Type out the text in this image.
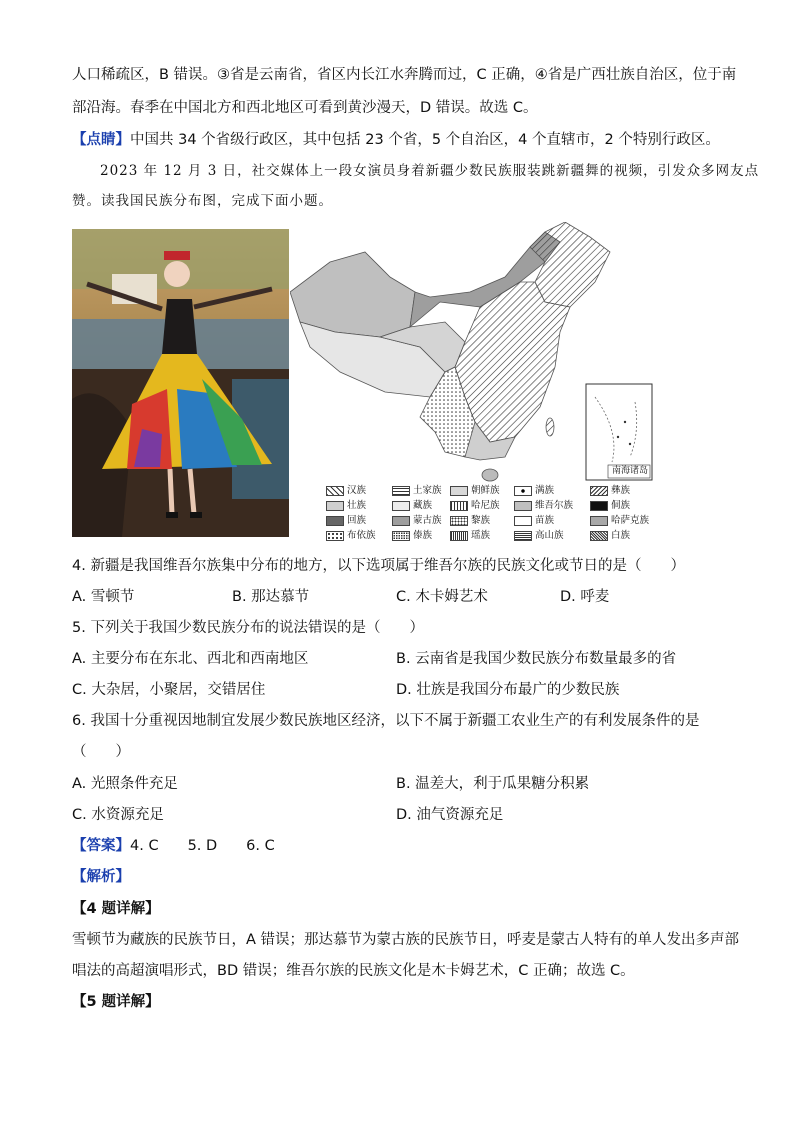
人口稀疏区，B 错误。③省是云南省，省区内长江水奔腾而过，C 正确，④省是广西壮族自治区，位于南
部沿海。春季在中国北方和西北地区可看到黄沙漫天，D 错误。故选 C。
【点睛】中国共 34 个省级行政区，其中包括 23 个省，5 个自治区，4 个直辖市，2 个特别行政区。
2023 年 12 月 3 日，社交媒体上一段女演员身着新疆少数民族服装跳新疆舞的视频，引发众多网友点
赞。读我国民族分布图，完成下面小题。
南海诸岛
汉族	土家族	朝鲜族	满族	彝族
壮族	藏族	哈尼族	维吾尔族	侗族
回族	蒙古族	黎族	苗族	哈萨克族
布依族	傣族	瑶族	高山族	白族
4. 新疆是我国维吾尔族集中分布的地方，以下选项属于维吾尔族的民族文化或节日的是（　　）
A. 雪顿节	B. 那达慕节	C. 木卡姆艺术	D. 呼麦
5. 下列关于我国少数民族分布的说法错误的是（　　）
A. 主要分布在东北、西北和西南地区	B. 云南省是我国少数民族分布数量最多的省
C. 大杂居，小聚居，交错居住	D. 壮族是我国分布最广的少数民族
6. 我国十分重视因地制宜发展少数民族地区经济，以下不属于新疆工农业生产的有利发展条件的是
（　　）
A. 光照条件充足	B. 温差大，利于瓜果糖分积累
C. 水资源充足	D. 油气资源充足
【答案】4. C　　5. D　　6. C
【解析】
【4 题详解】
雪顿节为藏族的民族节日，A 错误；那达慕节为蒙古族的民族节日，呼麦是蒙古人特有的单人发出多声部
唱法的高超演唱形式，BD 错误；维吾尔族的民族文化是木卡姆艺术，C 正确；故选 C。
【5 题详解】
